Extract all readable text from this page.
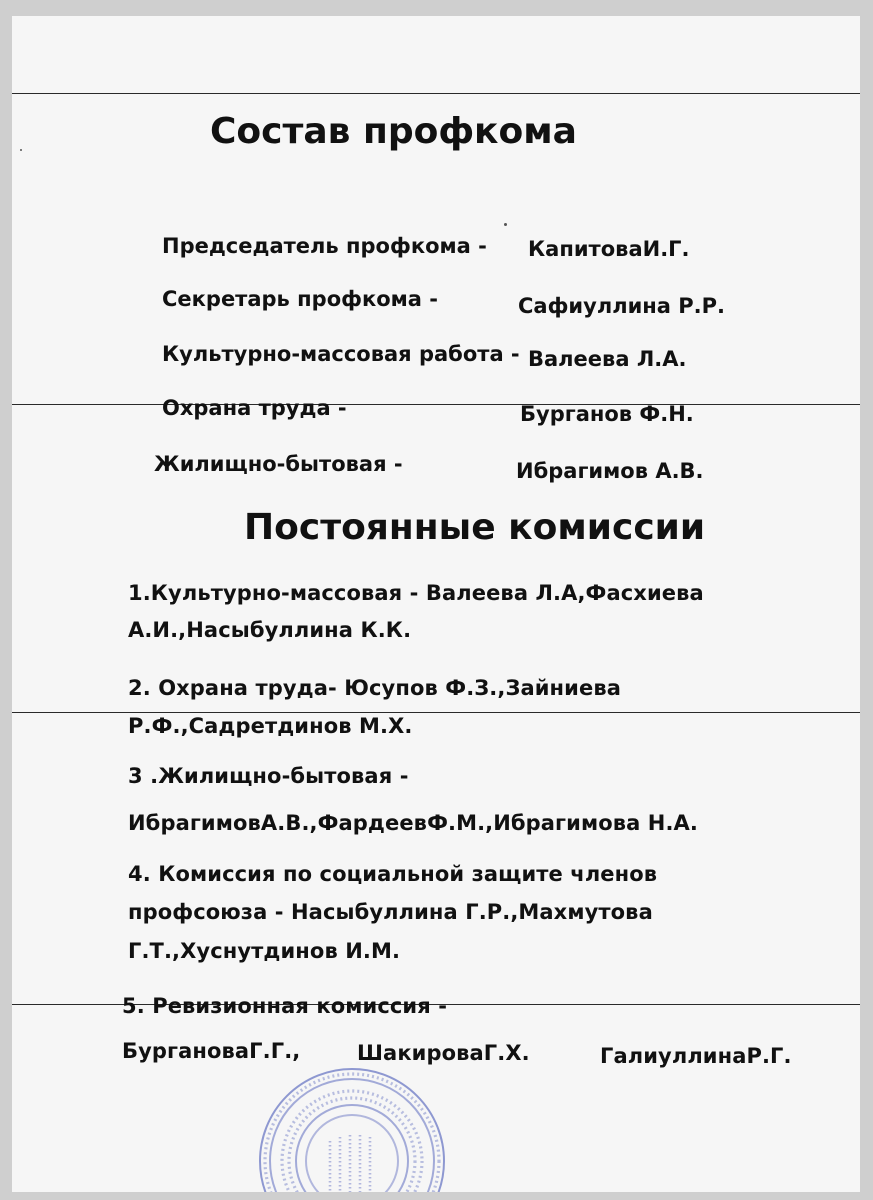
Состав профкома
Председатель профкома - КапитоваИ.Г.
Секретарь профкома -	Сафиуллина Р.Р.
Культурно-массовая работа - Валеева Л.А.
Охрана труда -	Бурганов Ф.Н.
Жилищно-бытовая -	Ибрагимов А.В.
Постоянные комиссии
1.Культурно-массовая - Валеева Л.А,Фасхиева
А.И.,Насыбуллина К.К.
2. Охрана труда- Юсупов Ф.З.,Зайниева
Р.Ф.,Садретдинов М.Х.
3 .Жилищно-бытовая -
ИбрагимовА.В.,ФардеевФ.М.,Ибрагимова Н.А.
4. Комиссия по социальной защите членов
профсоюза - Насыбуллина Г.Р.,Махмутова
Г.Т.,Хуснутдинов И.М.
5. Ревизионная комиссия -
БургановаГ.Г.,	ШакироваГ.Х.	ГалиуллинаР.Г.
